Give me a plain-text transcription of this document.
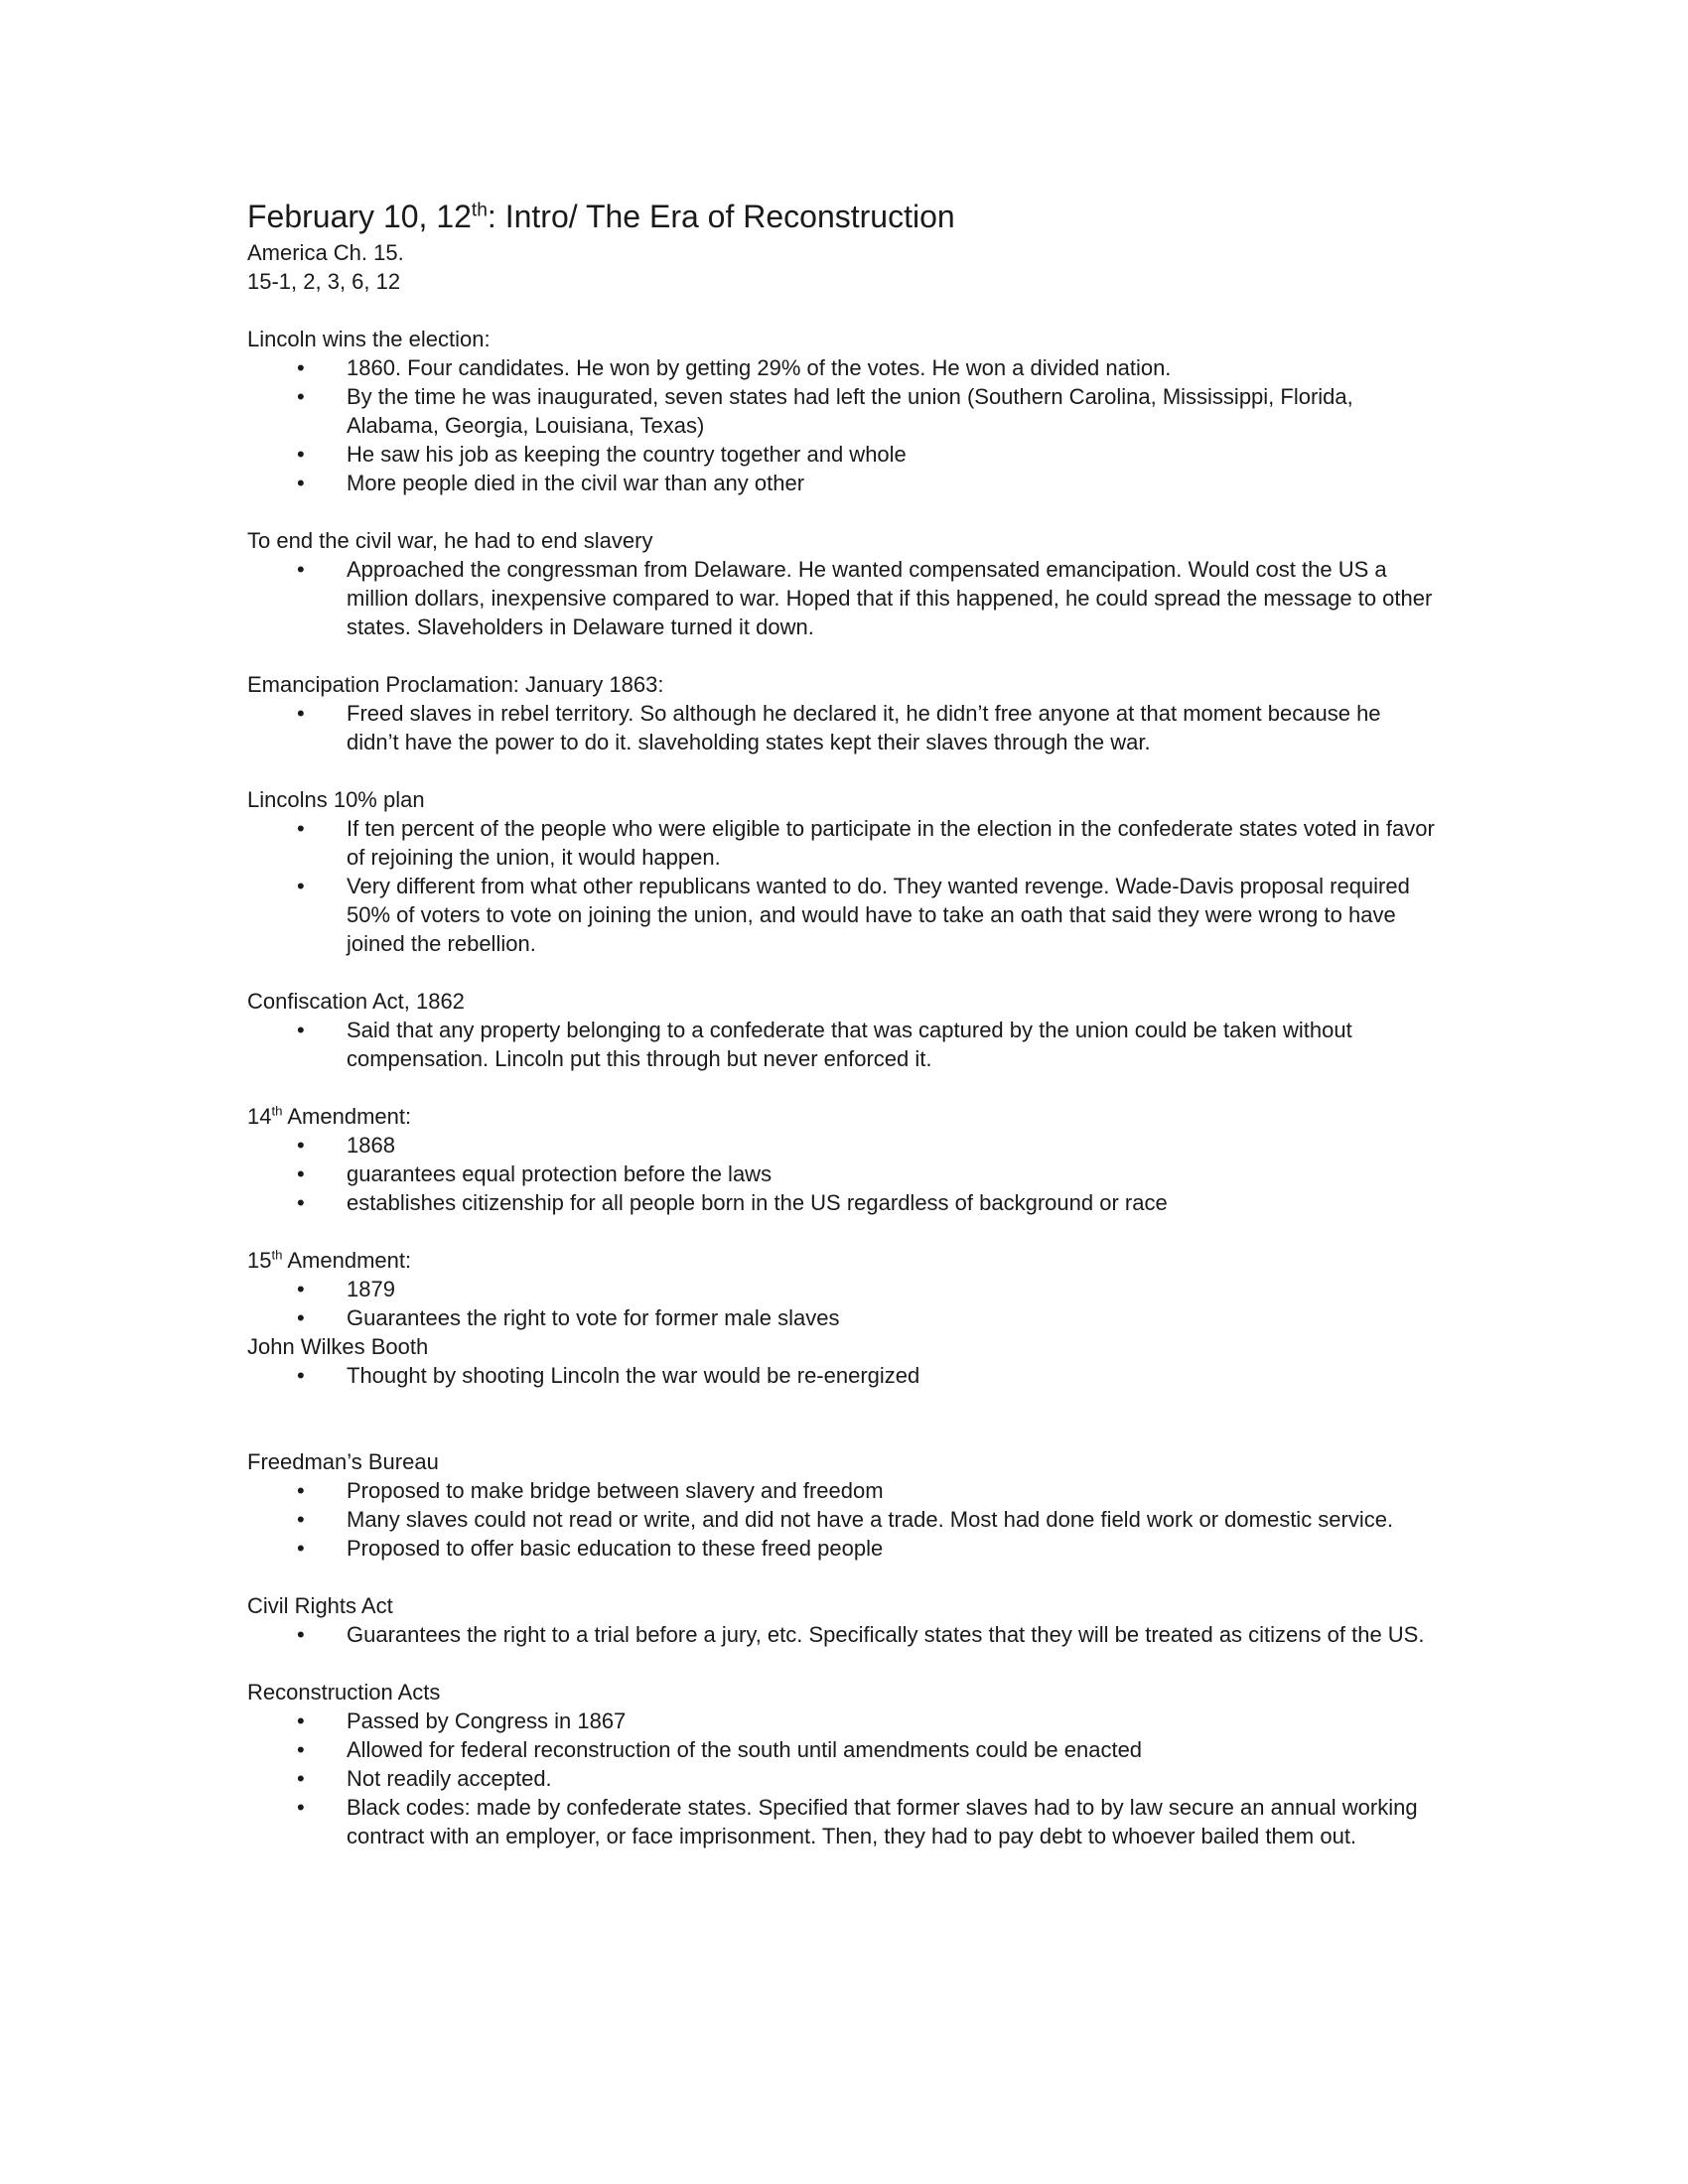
February 10, 12th: Intro/ The Era of Reconstruction
America Ch. 15.
15-1, 2, 3, 6, 12
Lincoln wins the election:
• 1860. Four candidates. He won by getting 29% of the votes. He won a divided nation.
• By the time he was inaugurated, seven states had left the union (Southern Carolina, Mississippi, Florida, Alabama, Georgia, Louisiana, Texas)
• He saw his job as keeping the country together and whole
• More people died in the civil war than any other
To end the civil war, he had to end slavery
• Approached the congressman from Delaware. He wanted compensated emancipation. Would cost the US a million dollars, inexpensive compared to war. Hoped that if this happened, he could spread the message to other states. Slaveholders in Delaware turned it down.
Emancipation Proclamation: January 1863:
• Freed slaves in rebel territory. So although he declared it, he didn’t free anyone at that moment because he didn’t have the power to do it. slaveholding states kept their slaves through the war.
Lincolns 10% plan
• If ten percent of the people who were eligible to participate in the election in the confederate states voted in favor of rejoining the union, it would happen.
• Very different from what other republicans wanted to do. They wanted revenge. Wade-Davis proposal required 50% of voters to vote on joining the union, and would have to take an oath that said they were wrong to have joined the rebellion.
Confiscation Act, 1862
• Said that any property belonging to a confederate that was captured by the union could be taken without compensation. Lincoln put this through but never enforced it.
14th Amendment:
• 1868
• guarantees equal protection before the laws
• establishes citizenship for all people born in the US regardless of background or race
15th Amendment:
• 1879
• Guarantees the right to vote for former male slaves
John Wilkes Booth
• Thought by shooting Lincoln the war would be re-energized
Freedman’s Bureau
• Proposed to make bridge between slavery and freedom
• Many slaves could not read or write, and did not have a trade. Most had done field work or domestic service.
• Proposed to offer basic education to these freed people
Civil Rights Act
• Guarantees the right to a trial before a jury, etc. Specifically states that they will be treated as citizens of the US.
Reconstruction Acts
• Passed by Congress in 1867
• Allowed for federal reconstruction of the south until amendments could be enacted
• Not readily accepted.
• Black codes: made by confederate states. Specified that former slaves had to by law secure an annual working contract with an employer, or face imprisonment. Then, they had to pay debt to whoever bailed them out.
